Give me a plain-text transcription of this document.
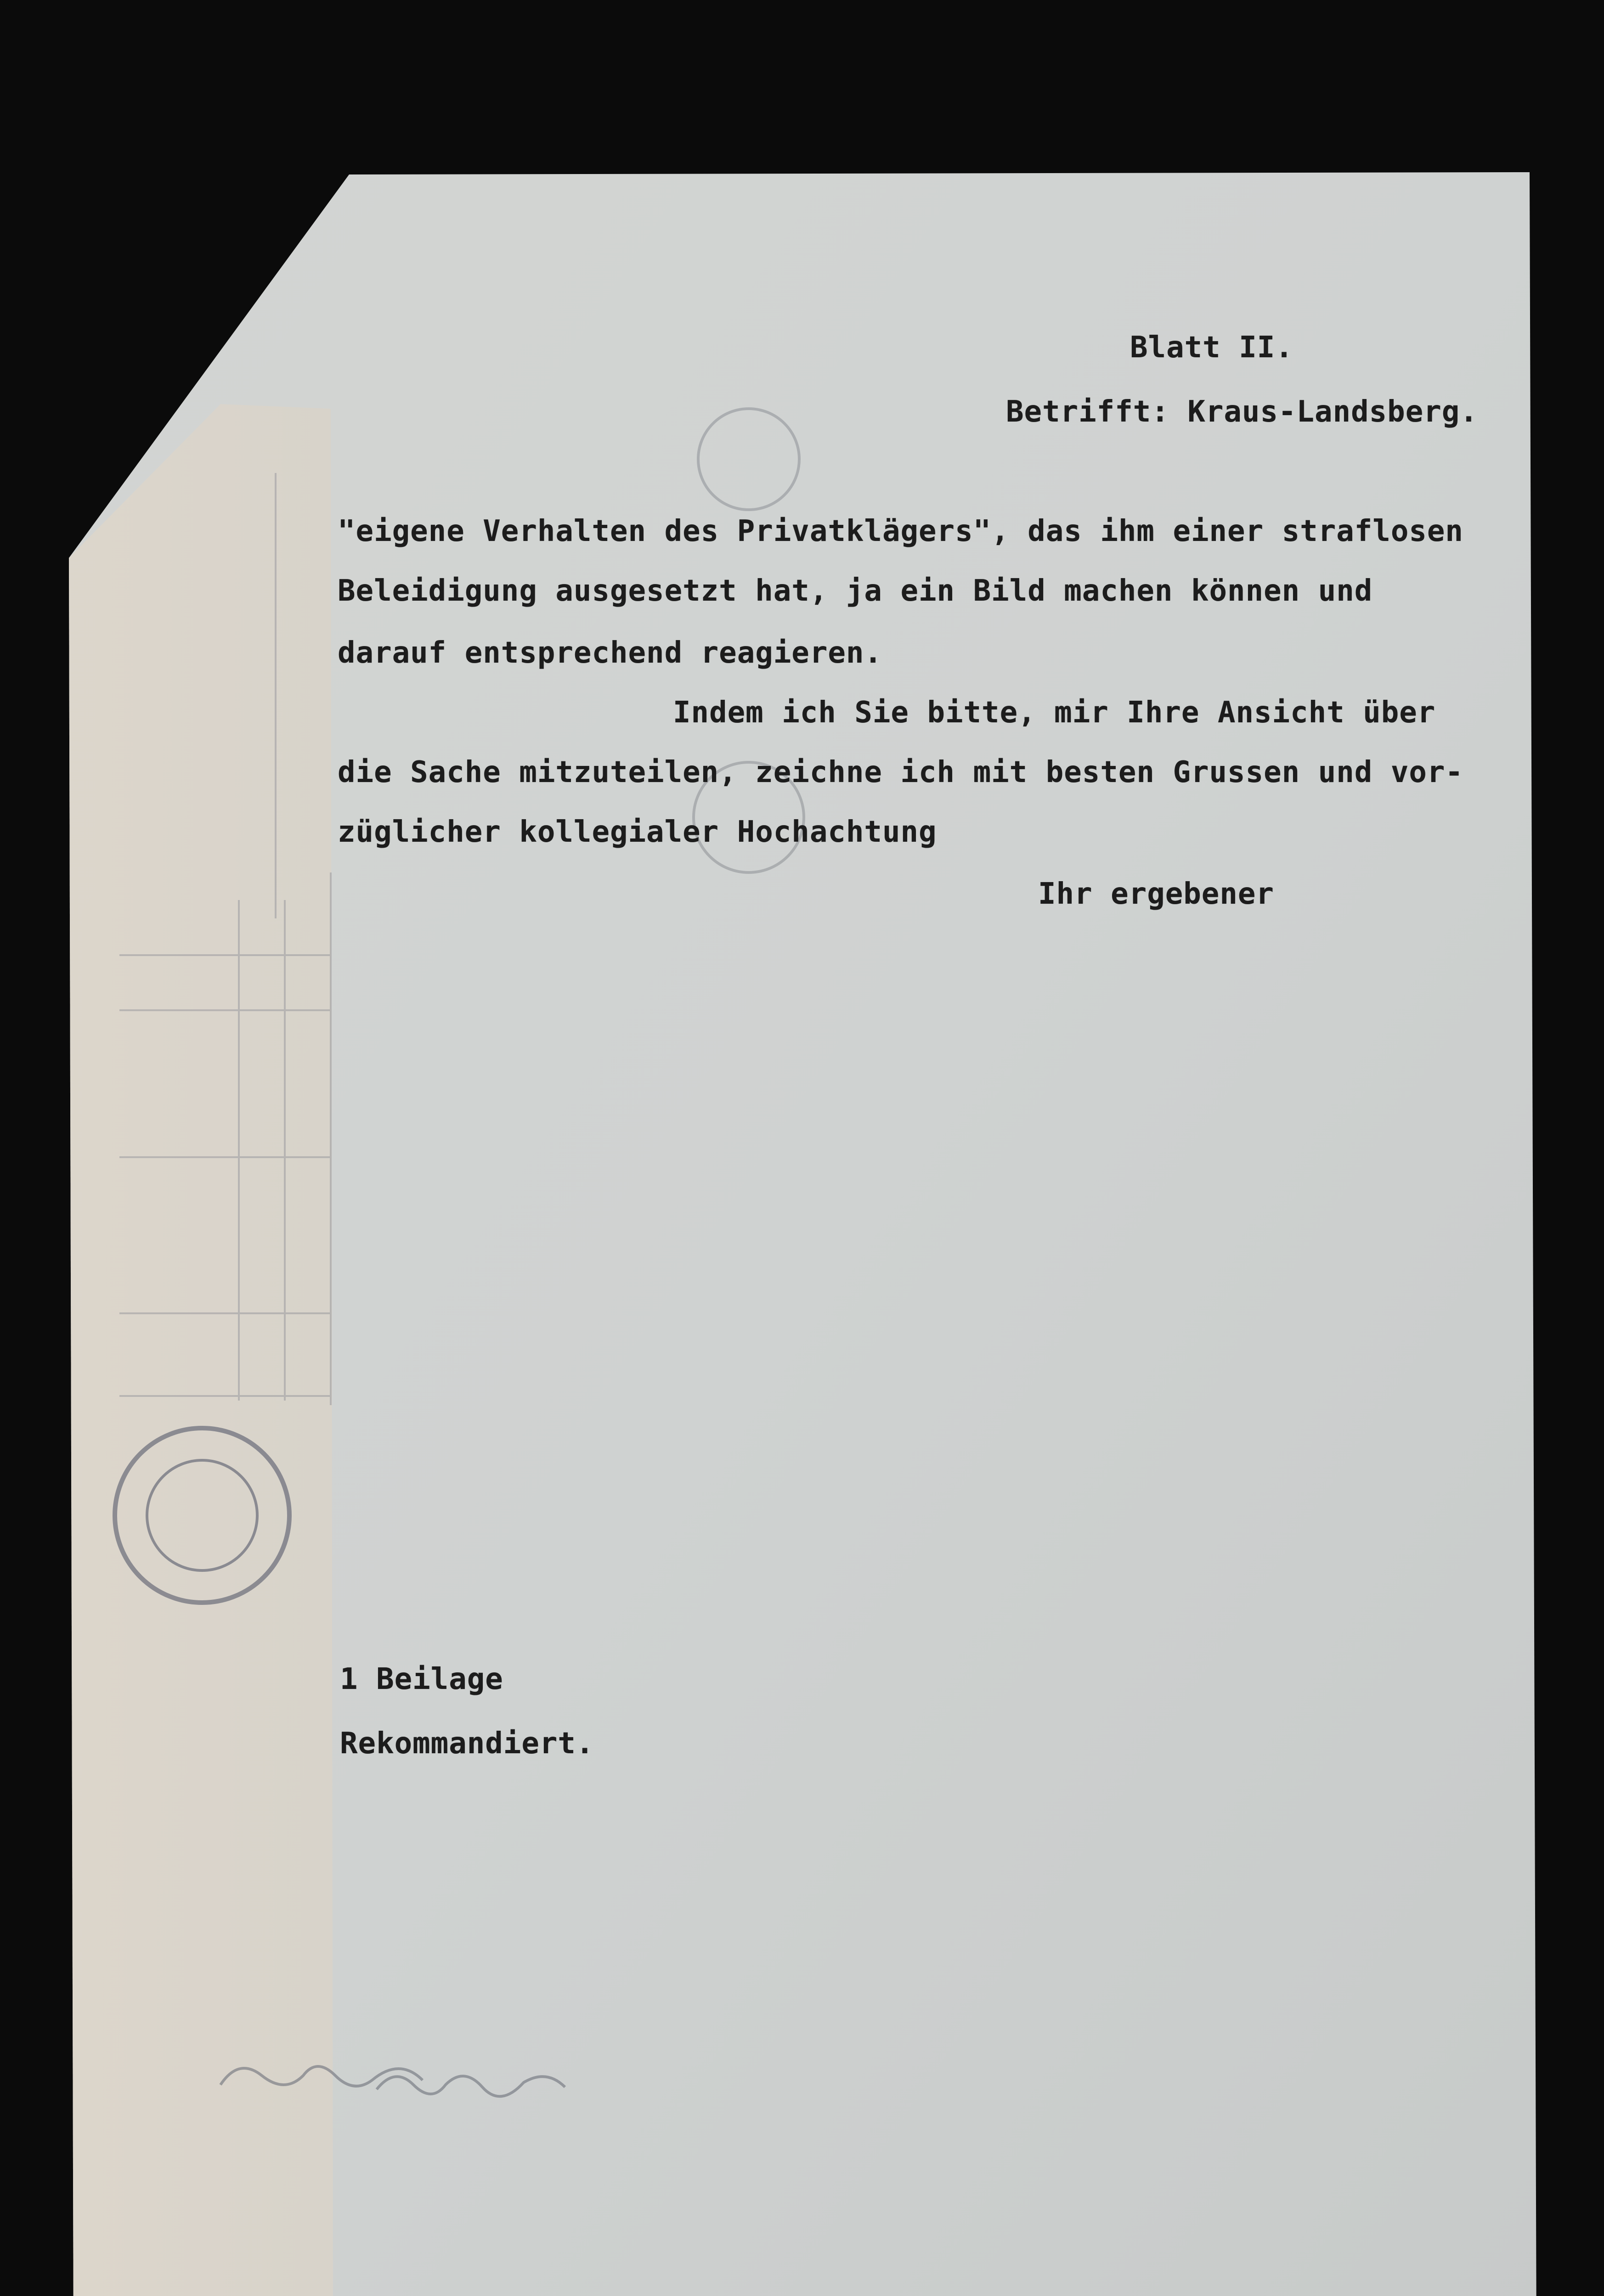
Blatt II.
Betrifft: Kraus-Landsberg.
"eigene Verhalten des Privatklägers", das ihm einer straflosen
Beleidigung ausgesetzt hat, ja ein Bild machen können und
darauf entsprechend reagieren.
Indem ich Sie bitte, mir Ihre Ansicht über
die Sache mitzuteilen, zeichne ich mit besten Grussen und vor-
züglicher kollegialer Hochachtung
Ihr ergebener
1 Beilage
Rekommandiert.
